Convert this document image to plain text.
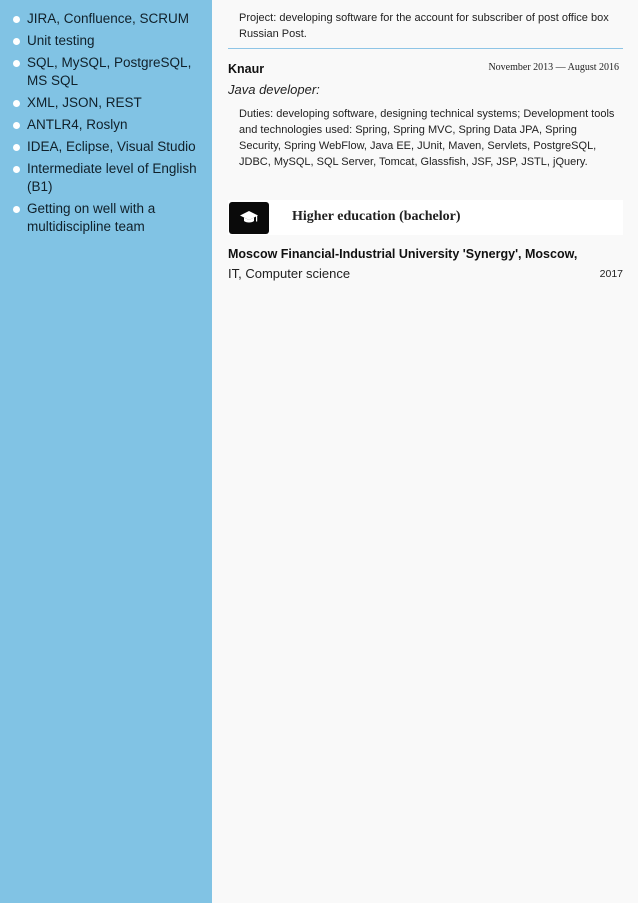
JIRA, Confluence, SCRUM
Unit testing
SQL, MySQL, PostgreSQL, MS SQL
XML, JSON, REST
ANTLR4, Roslyn
IDEA, Eclipse, Visual Studio
Intermediate level of English (B1)
Getting on well with a multidiscipline team

Project: developing software for the account for subscriber of post office box Russian Post.

Knaur	November 2013 — August 2016
Java developer:

Duties: developing software, designing technical systems; Development tools and technologies used: Spring, Spring MVC, Spring Data JPA, Spring Security, Spring WebFlow, Java EE, JUnit, Maven, Servlets, PostgreSQL, JDBC, MySQL, SQL Server, Tomcat, Glassfish, JSF, JSP, JSTL, jQuery.

Higher education (bachelor)
Moscow Financial-Industrial University 'Synergy', Moscow,
IT, Computer science	2017
